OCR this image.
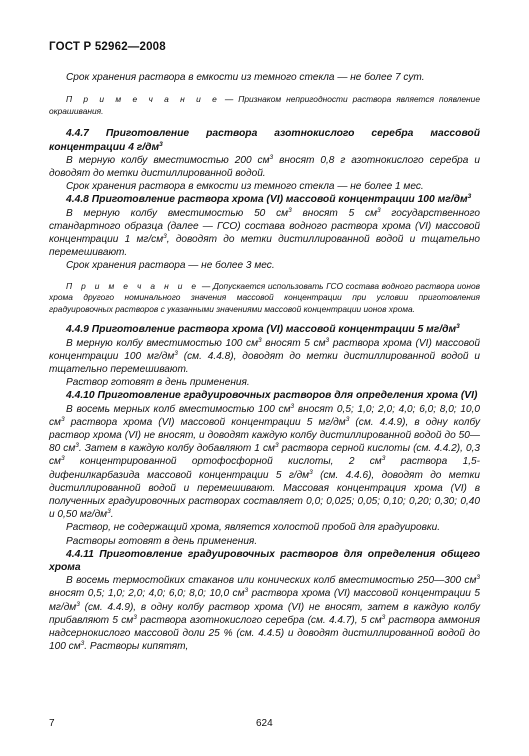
ГОСТ Р 52962—2008

Срок хранения раствора в емкости из темного стекла — не более 7 сут.

П р и м е ч а н и е — Признаком непригодности раствора является появление окрашивания.

4.4.7 Приготовление раствора азотнокислого серебра массовой концентрации 4 $г/дм^3$

В мерную колбу вместимостью 200 $см^3$ вносят 0,8 г азотнокислого серебра и доводят до метки дистиллированной водой.

Срок хранения раствора в емкости из темного стекла — не более 1 мес.

4.4.8 Приготовление раствора хрома (VI) массовой концентрации 100 $мг/дм^3$

В мерную колбу вместимостью 50 $см^3$ вносят 5 $см^3$ государственного стандартного образца (далее — ГСО) состава водного раствора хрома (VI) массовой концентрации 1 $мг/см^3$, доводят до метки дистиллированной водой и тщательно перемешивают.

Срок хранения раствора — не более 3 мес.

П р и м е ч а н и е — Допускается использовать ГСО состава водного раствора ионов хрома другого номинального значения массовой концентрации при условии приготовления градуировочных растворов с указанными значениями массовой концентрации ионов хрома.

4.4.9 Приготовление раствора хрома (VI) массовой концентрации 5 $мг/дм^3$

В мерную колбу вместимостью 100 $см^3$ вносят 5 $см^3$ раствора хрома (VI) массовой концентрации 100 $мг/дм^3$ (см. 4.4.8), доводят до метки дистиллированной водой и тщательно перемешивают.

Раствор готовят в день применения.

4.4.10 Приготовление градуировочных растворов для определения хрома (VI)

В восемь мерных колб вместимостью 100 $см^3$ вносят 0,5; 1,0; 2,0; 4,0; 6,0; 8,0; 10,0 $см^3$ раствора хрома (VI) массовой концентрации 5 $мг/дм^3$ (см. 4.4.9), в одну колбу раствор хрома (VI) не вносят, и доводят каждую колбу дистиллированной водой до 50—80 $см^3$. Затем в каждую колбу добавляют 1 $см^3$ раствора серной кислоты (см. 4.4.2), 0,3 $см^3$ концентрированной ортофосфорной кислоты, 2 $см^3$ раствора 1,5-дифенилкарбазида массовой концентрации 5 $г/дм^3$ (см. 4.4.6), доводят до метки дистиллированной водой и перемешивают. Массовая концентрация хрома (VI) в полученных градуировочных растворах составляет 0,0; 0,025; 0,05; 0,10; 0,20; 0,30; 0,40 и 0,50 $мг/дм^3$.

Раствор, не содержащий хрома, является холостой пробой для градуировки.

Растворы готовят в день применения.

4.4.11 Приготовление градуировочных растворов для определения общего хрома

В восемь термостойких стаканов или конических колб вместимостью 250—300 $см^3$ вносят 0,5; 1,0; 2,0; 4,0; 6,0; 8,0; 10,0 $см^3$ раствора хрома (VI) массовой концентрации 5 $мг/дм^3$ (см. 4.4.9), в одну колбу раствор хрома (VI) не вносят, затем в каждую колбу прибавляют 5 $см^3$ раствора азотнокислого серебра (см. 4.4.7), 5 $см^3$ раствора аммония надсернокислого массовой доли 25 % (см. 4.4.5) и доводят дистиллированной водой до 100 $см^3$. Растворы кипятят,

7	624
